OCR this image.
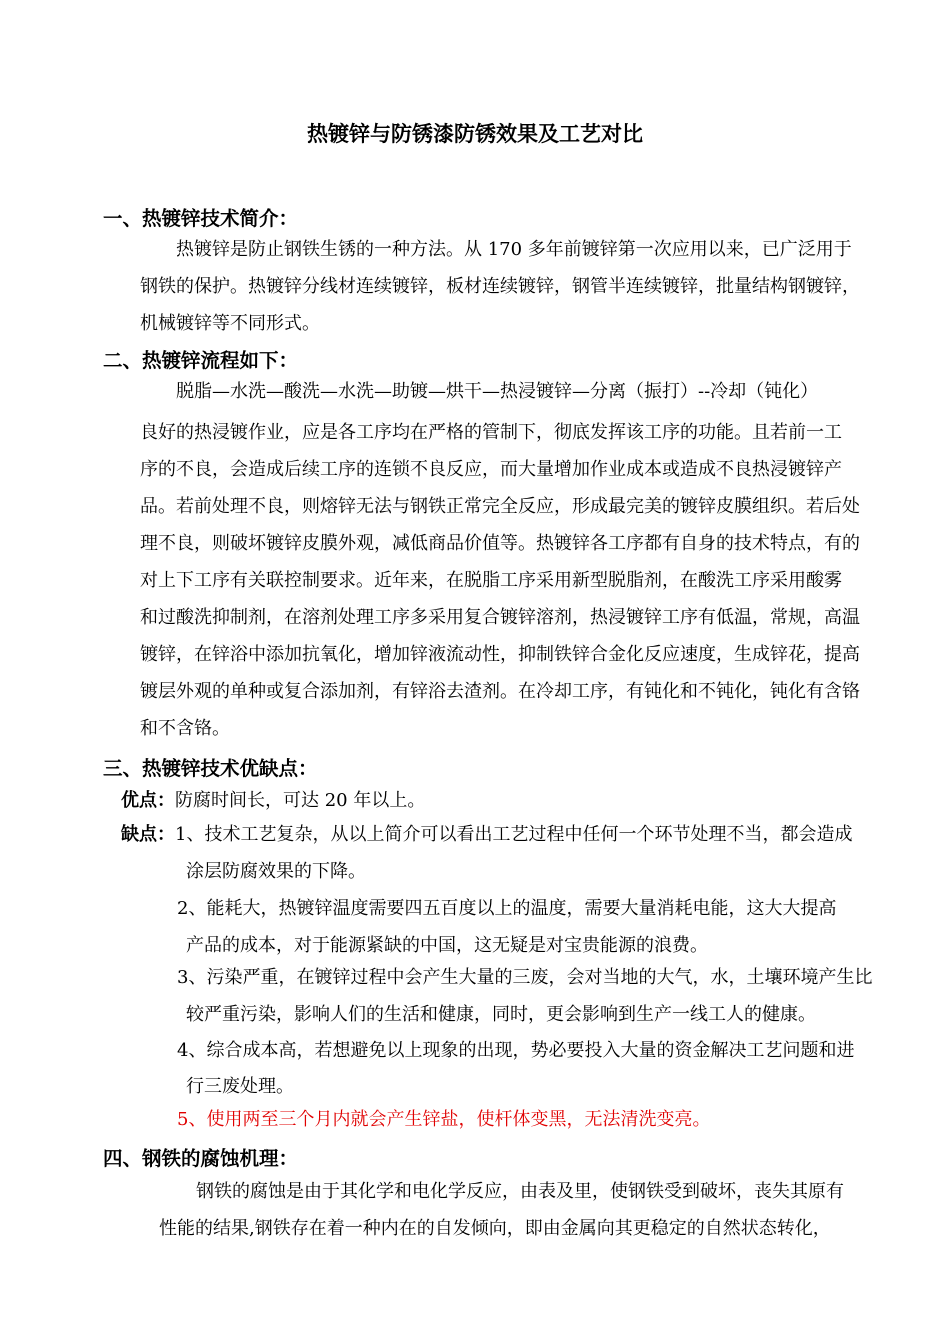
热镀锌与防锈漆防锈效果及工艺对比
一、热镀锌技术简介：
热镀锌是防止钢铁生锈的一种方法。从 170 多年前镀锌第一次应用以来，已广泛用于
钢铁的保护。热镀锌分线材连续镀锌，板材连续镀锌，钢管半连续镀锌，批量结构钢镀锌，
机械镀锌等不同形式。
二、热镀锌流程如下：
脱脂—水洗—酸洗—水洗—助镀—烘干—热浸镀锌—分离（振打）--冷却（钝化）
良好的热浸镀作业，应是各工序均在严格的管制下，彻底发挥该工序的功能。且若前一工
序的不良，会造成后续工序的连锁不良反应，而大量增加作业成本或造成不良热浸镀锌产
品。若前处理不良，则熔锌无法与钢铁正常完全反应，形成最完美的镀锌皮膜组织。若后处
理不良，则破坏镀锌皮膜外观，减低商品价值等。热镀锌各工序都有自身的技术特点，有的
对上下工序有关联控制要求。近年来，在脱脂工序采用新型脱脂剂，在酸洗工序采用酸雾
和过酸洗抑制剂，在溶剂处理工序多采用复合镀锌溶剂，热浸镀锌工序有低温，常规，高温
镀锌，在锌浴中添加抗氧化，增加锌液流动性，抑制铁锌合金化反应速度，生成锌花，提高
镀层外观的单种或复合添加剂，有锌浴去渣剂。在冷却工序，有钝化和不钝化，钝化有含铬
和不含铬。
三、热镀锌技术优缺点：
优点：防腐时间长，可达 20 年以上。
缺点：1、技术工艺复杂，从以上简介可以看出工艺过程中任何一个环节处理不当，都会造成
涂层防腐效果的下降。
2、能耗大，热镀锌温度需要四五百度以上的温度，需要大量消耗电能，这大大提高
产品的成本，对于能源紧缺的中国，这无疑是对宝贵能源的浪费。
3、污染严重，在镀锌过程中会产生大量的三废，会对当地的大气，水，土壤环境产生比
较严重污染，影响人们的生活和健康，同时，更会影响到生产一线工人的健康。
4、综合成本高，若想避免以上现象的出现，势必要投入大量的资金解决工艺问题和进
行三废处理。
5、使用两至三个月内就会产生锌盐，使杆体变黑，无法清洗变亮。
四、钢铁的腐蚀机理：
钢铁的腐蚀是由于其化学和电化学反应，由表及里，使钢铁受到破坏，丧失其原有
性能的结果,钢铁存在着一种内在的自发倾向，即由金属向其更稳定的自然状态转化，
